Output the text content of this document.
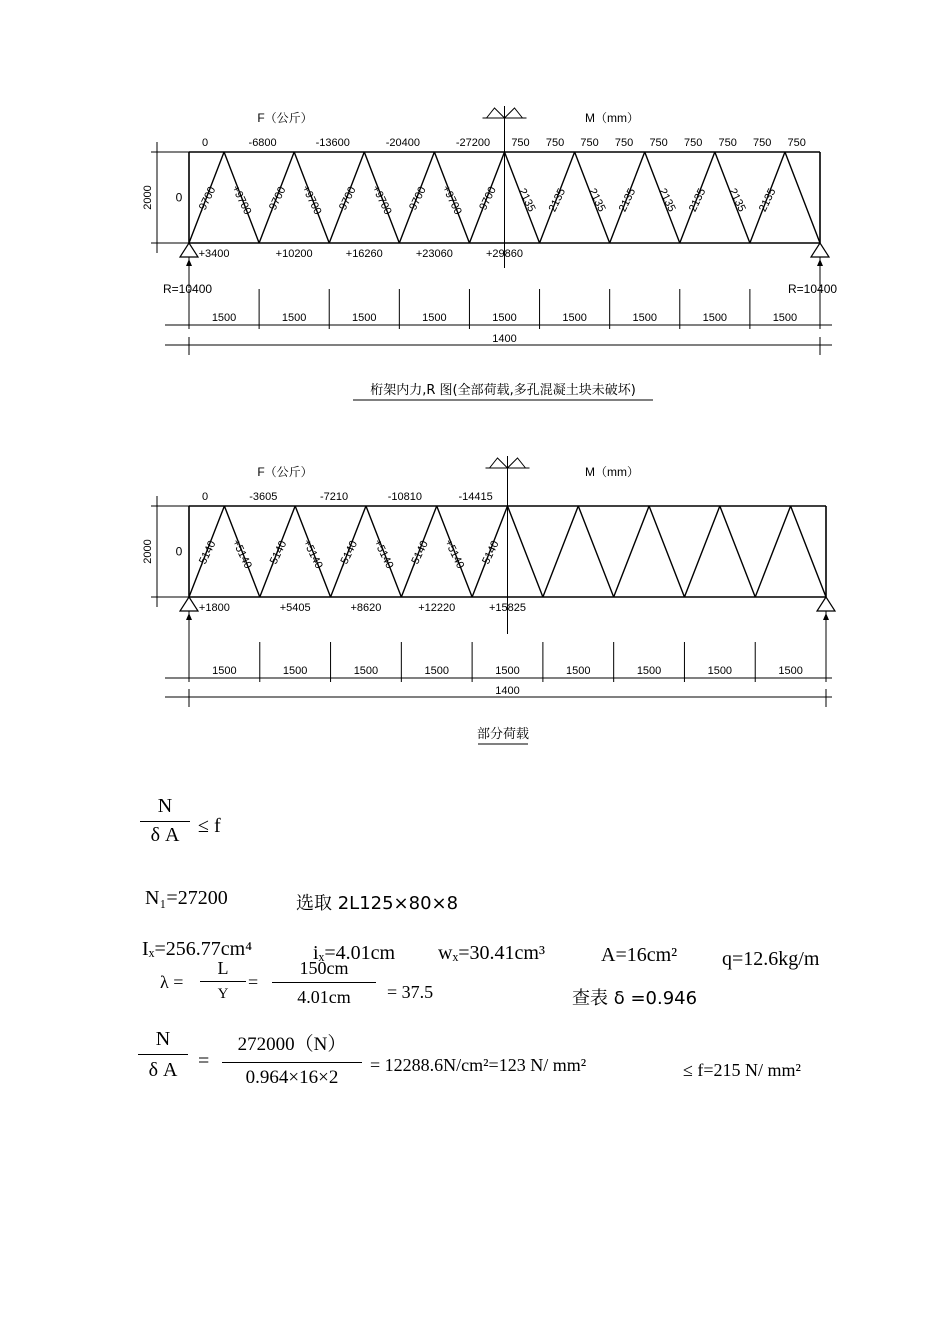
2000 0
F（公斤）	M（mm）
0	-6800	-13600	-20400	-27200 750 750 750 750 750 750 750 750 750
-9700 +9700 -9700 +9700 -9700 +9700 -9700 +9700 -9700 2135 2135 2135 2135 2135 2135 2135 2135
+3400	+10200	+16260	+23060	+29860
R=10400	R=10400
1500	1500	1500	1500	1500	1500	1500	1500	1500
1400
桁架内力,R 图(全部荷载,多孔混凝土块未破坏)
2000 0
F（公斤）	M（mm）
0	-3605	-7210	-10810	-14415
-5140 +5140 -5140 +5140 -5140 +5140 -5140 +5140 -5140
+1800	+5405	+8620	+12220	+15825
1500	1500	1500	1500	1500	1500	1500	1500	1500
1400
部分荷载
N
δ A ≤ f
N₁=27200	选取 2L125×80×8
Iₓ=256.77cm⁴	iₓ=4.01cm wₓ=30.41cm³	A=16cm² q=12.6kg/m
λ =
L
Y
=
150cm
4.01cm	= 37.5	查表 δ =0.946
N
δ A	=
272000（N）
0.964×16×2
= 12288.6N/cm²=123 N/ mm²	≤ f=215 N/ mm²
